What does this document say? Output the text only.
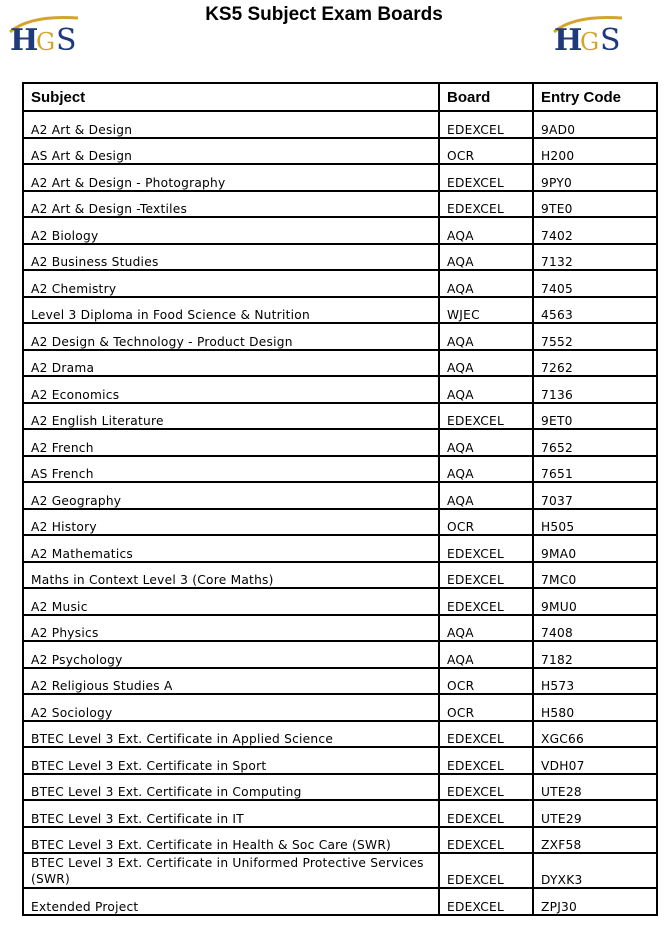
H
G S
KS5 Subject Exam Boards
H
G S
Subject	Board	Entry Code
A2 Art & Design	EDEXCEL	9AD0
AS Art & Design	OCR	H200
A2 Art & Design - Photography	EDEXCEL	9PY0
A2 Art & Design -Textiles	EDEXCEL	9TE0
A2 Biology	AQA	7402
A2 Business Studies	AQA	7132
A2 Chemistry	AQA	7405
Level 3 Diploma in Food Science & Nutrition	WJEC	4563
A2 Design & Technology - Product Design	AQA	7552
A2 Drama	AQA	7262
A2 Economics	AQA	7136
A2 English Literature	EDEXCEL	9ET0
A2 French	AQA	7652
AS French	AQA	7651
A2 Geography	AQA	7037
A2 History	OCR	H505
A2 Mathematics	EDEXCEL	9MA0
Maths in Context Level 3 (Core Maths)	EDEXCEL	7MC0
A2 Music	EDEXCEL	9MU0
A2 Physics	AQA	7408
A2 Psychology	AQA	7182
A2 Religious Studies A	OCR	H573
A2 Sociology	OCR	H580
BTEC Level 3 Ext. Certificate in Applied Science	EDEXCEL	XGC66
BTEC Level 3 Ext. Certificate in Sport	EDEXCEL	VDH07
BTEC Level 3 Ext. Certificate in Computing	EDEXCEL	UTE28
BTEC Level 3 Ext. Certificate in IT	EDEXCEL	UTE29
BTEC Level 3 Ext. Certificate in Health & Soc Care (SWR)	EDEXCEL	ZXF58
BTEC Level 3 Ext. Certificate in Uniformed Protective Services (SWR)	EDEXCEL	DYXK3
Extended Project	EDEXCEL	ZPJ30
